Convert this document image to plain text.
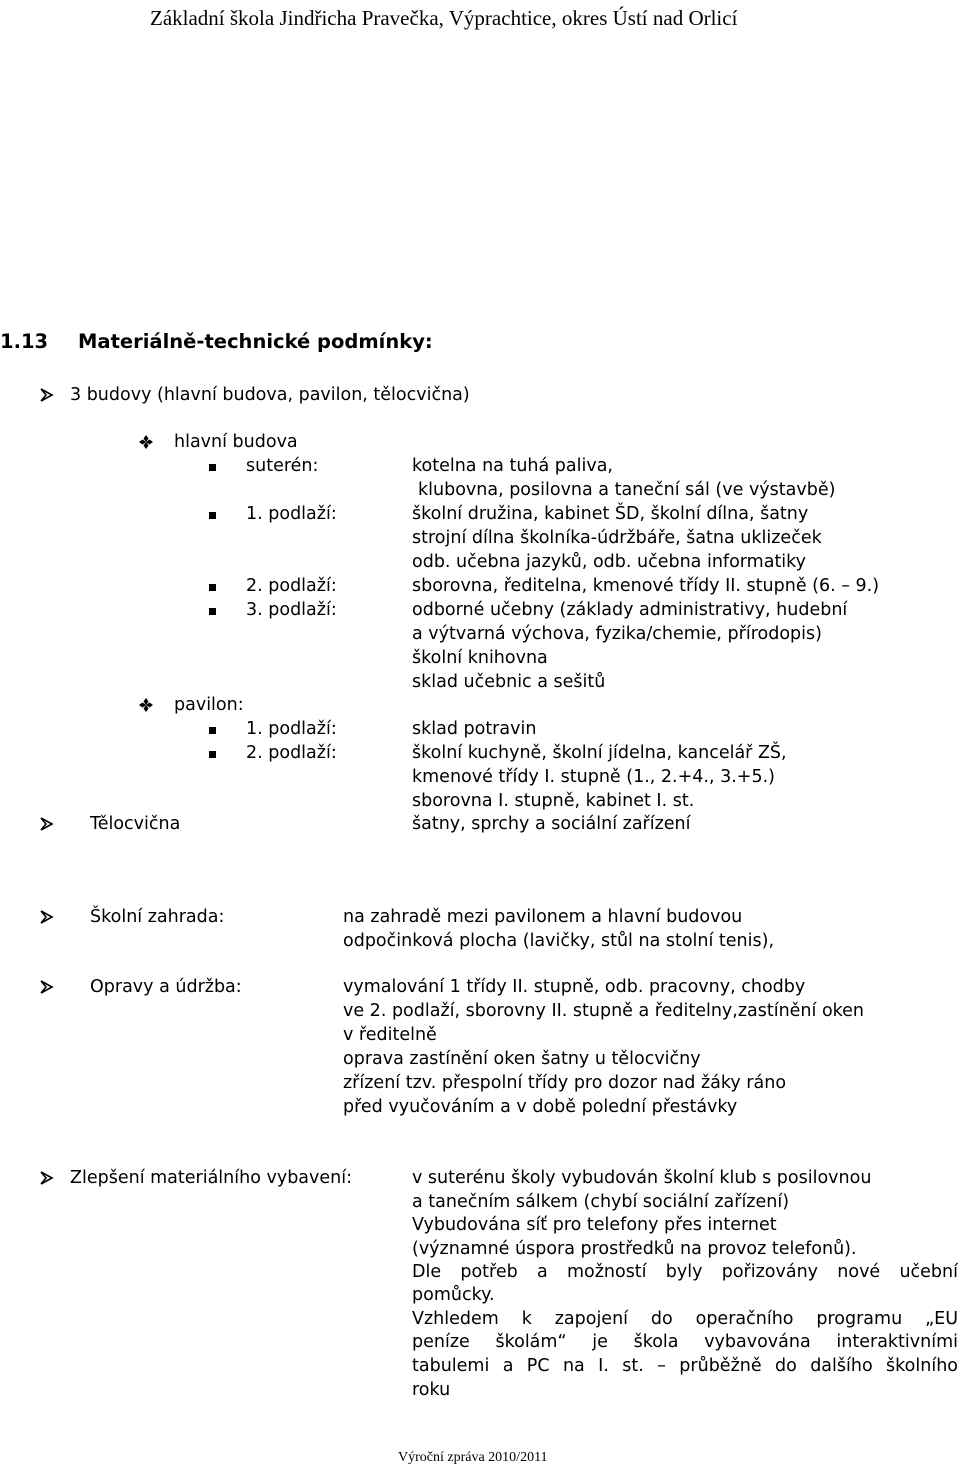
Základní škola Jindřicha Pravečka, Výprachtice, okres Ústí nad Orlicí
1.13 Materiálně-technické podmínky:
3 budovy (hlavní budova, pavilon, tělocvična)
hlavní budova
suterén:	kotelna na tuhá paliva,
klubovna, posilovna a taneční sál (ve výstavbě)
1. podlaží:	školní družina, kabinet ŠD, školní dílna, šatny
strojní dílna školníka-údržbáře, šatna uklizeček
odb. učebna jazyků, odb. učebna informatiky
2. podlaží:	sborovna, ředitelna, kmenové třídy II. stupně (6. – 9.)
3. podlaží:	odborné učebny (základy administrativy, hudební
a výtvarná výchova, fyzika/chemie, přírodopis)
školní knihovna
sklad učebnic a sešitů
pavilon:
1. podlaží:	sklad potravin
2. podlaží:	školní kuchyně, školní jídelna, kancelář ZŠ,
kmenové třídy I. stupně (1., 2.+4., 3.+5.)
sborovna I. stupně, kabinet I. st.
Tělocvična	šatny, sprchy a sociální zařízení
Školní zahrada:	na zahradě mezi pavilonem a hlavní budovou
odpočinková plocha (lavičky, stůl na stolní tenis),
Opravy a údržba:	vymalování 1 třídy II. stupně, odb. pracovny, chodby
ve 2. podlaží, sborovny II. stupně a ředitelny,zastínění oken
v ředitelně
oprava zastínění oken šatny u tělocvičny
zřízení tzv. přespolní třídy pro dozor nad žáky ráno
před vyučováním a v době polední přestávky
Zlepšení materiálního vybavení:	v suterénu školy vybudován školní klub s posilovnou
a tanečním sálkem (chybí sociální zařízení)
Vybudována síť pro telefony přes internet
(významné úspora prostředků na provoz telefonů).
Dle potřeb a možností byly pořizovány nové učební
pomůcky.
Vzhledem k zapojení do operačního programu „EU
peníze školám“ je škola vybavována interaktivními
tabulemi a PC na I. st. – průběžně do dalšího školního
roku
Výroční zpráva 2010/2011
